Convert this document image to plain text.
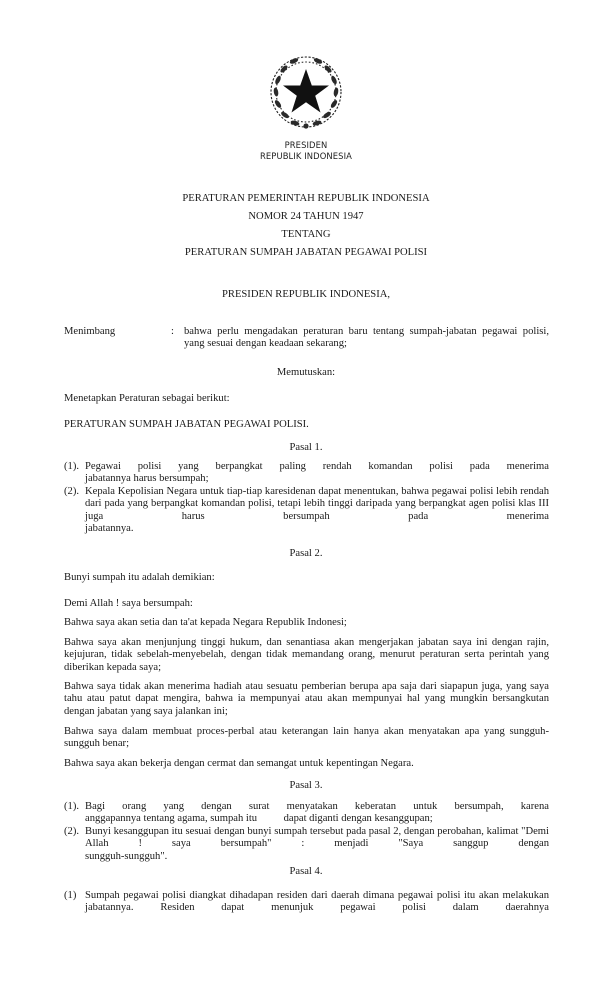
PRESIDEN
REPUBLIK INDONESIA
PERATURAN PEMERINTAH REPUBLIK INDONESIA
NOMOR 24 TAHUN 1947
TENTANG
PERATURAN SUMPAH JABATAN PEGAWAI POLISI
PRESIDEN REPUBLIK INDONESIA,
Menimbang	: bahwa perlu mengadakan peraturan baru tentang sumpah-jabatan pegawai polisi, yang sesuai dengan keadaan sekarang;
Memutuskan:
Menetapkan Peraturan sebagai berikut:
PERATURAN SUMPAH JABATAN PEGAWAI POLISI.
Pasal 1.
(1). Pegawai polisi yang berpangkat paling rendah komandan polisi pada menerima
jabatannya harus bersumpah;
(2). Kepala Kepolisian Negara untuk tiap-tiap karesidenan dapat menentukan, bahwa pegawai polisi lebih rendah dari pada yang berpangkat komandan polisi, tetapi lebih tinggi daripada yang berpangkat agen polisi klas III juga harus bersumpah pada menerima
jabatannya.
Pasal 2.
Bunyi sumpah itu adalah demikian:
Demi Allah ! saya bersumpah:
Bahwa saya akan setia dan ta'at kepada Negara Republik Indonesi;
Bahwa saya akan menjunjung tinggi hukum, dan senantiasa akan mengerjakan jabatan saya ini dengan rajin, kejujuran, tidak sebelah-menyebelah, dengan tidak memandang orang, menurut peraturan serta perintah yang diberikan kepada saya;
Bahwa saya tidak akan menerima hadiah atau sesuatu pemberian berupa apa saja dari siapapun juga, yang saya tahu atau patut dapat mengira, bahwa ia mempunyai atau akan mempunyai hal yang mungkin bersangkutan dengan jabatan yang saya jalankan ini;
Bahwa saya dalam membuat proces-perbal atau keterangan lain hanya akan menyatakan apa yang sungguh-sungguh benar;
Bahwa saya akan bekerja dengan cermat dan semangat untuk kepentingan Negara.
Pasal 3.
(1). Bagi orang yang dengan surat menyatakan keberatan untuk bersumpah, karena
anggapannya tentang agama, sumpah itu          dapat diganti dengan kesanggupan;
(2). Bunyi kesanggupan itu sesuai dengan bunyi sumpah tersebut pada pasal 2, dengan perobahan, kalimat "Demi Allah ! saya bersumpah" : menjadi "Saya sanggup dengan
sungguh-sungguh".
Pasal 4.
(1) Sumpah pegawai polisi diangkat dihadapan residen dari daerah dimana pegawai polisi itu akan melakukan jabatannya. Residen dapat menunjuk pegawai polisi dalam daerahnya
